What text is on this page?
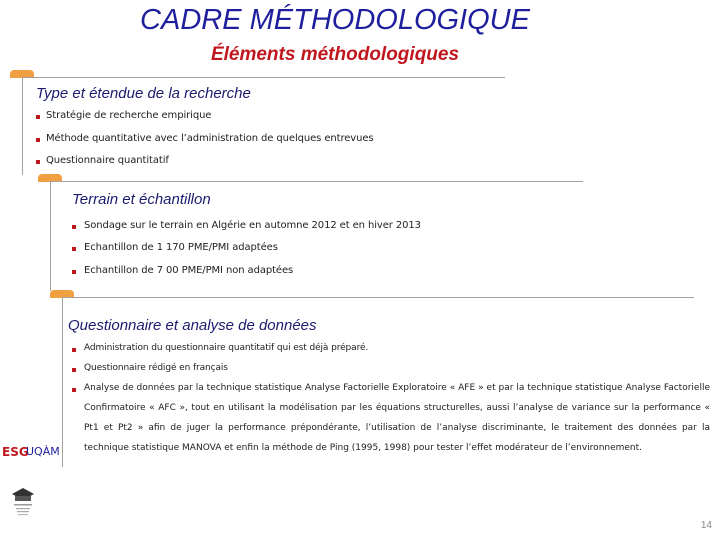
CADRE MÉTHODOLOGIQUE
Éléments méthodologiques
Type et étendue de la recherche
Stratégie de recherche empirique
Méthode quantitative avec l’administration de quelques entrevues
Questionnaire quantitatif
Terrain et échantillon
Sondage sur le terrain en Algérie en automne 2012 et en hiver 2013
Echantillon de 1 170 PME/PMI adaptées
Echantillon de 7 00 PME/PMI non adaptées
Questionnaire et analyse de données
Administration du questionnaire quantitatif qui est déjà préparé.
Questionnaire rédigé en français
Analyse de données par la technique statistique Analyse Factorielle Exploratoire « AFE » et par la technique statistique Analyse Factorielle Confirmatoire « AFC », tout en utilisant la modélisation par les équations structurelles, aussi l’analyse de variance sur la performance « Pt1 et Pt2 » afin de juger la performance prépondérante, l’utilisation de l’analyse discriminante, le traitement des données par la technique statistique MANOVA et enfin la méthode de Ping (1995, 1998) pour tester l’effet modérateur de l’environnement.
ESG
UQÀM
14
